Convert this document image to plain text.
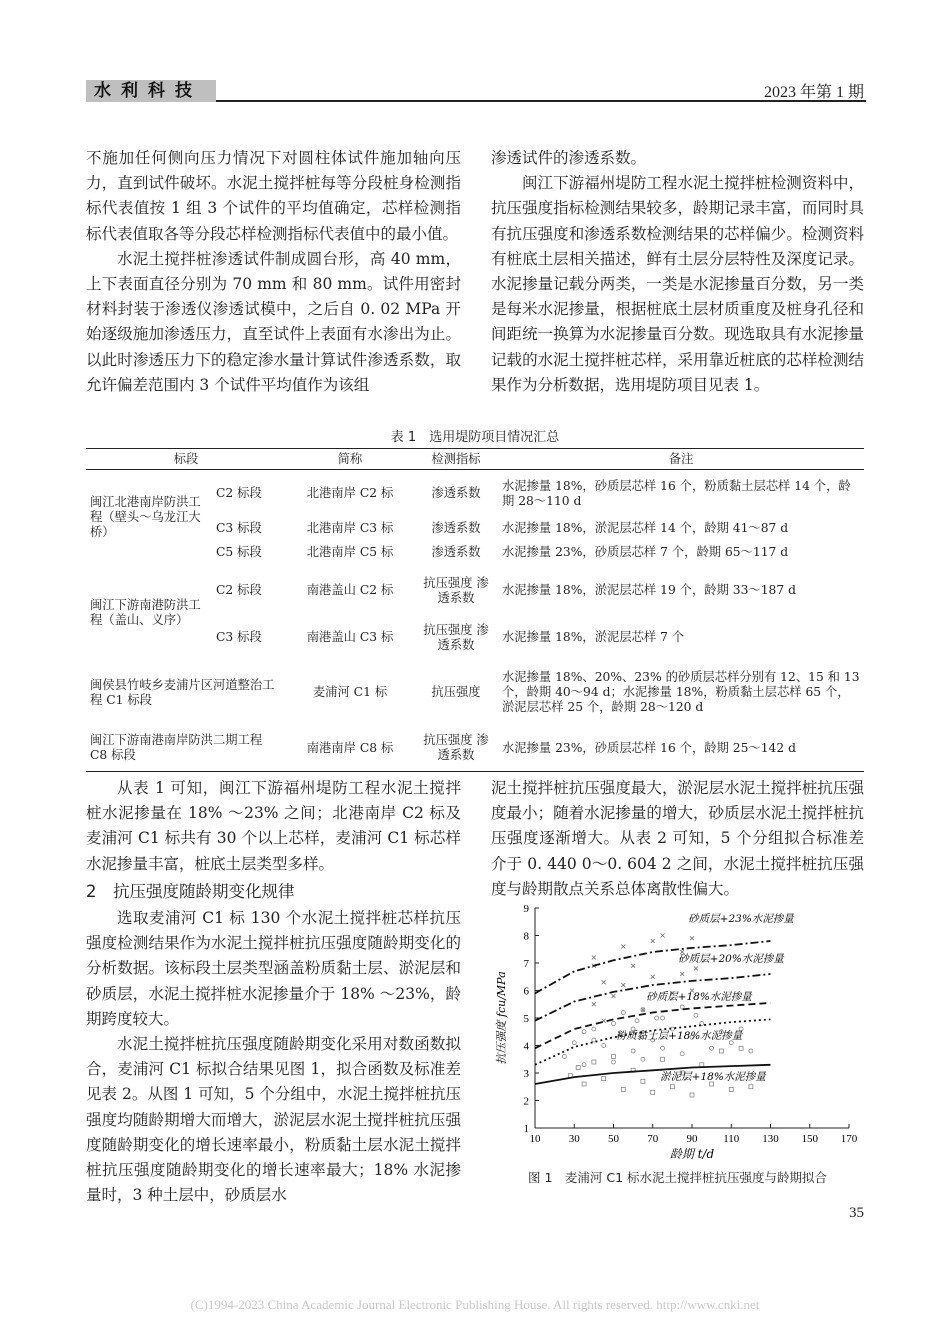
水利科技	2023 年第 1 期

不施加任何侧向压力情况下对圆柱体试件施加轴向压力，直到试件破坏。水泥土搅拌桩每等分段桩身检测指标代表值按 1 组 3 个试件的平均值确定，芯样检测指标代表值取各等分段芯样检测指标代表值中的最小值。

水泥土搅拌桩渗透试件制成圆台形，高 40 mm，上下表面直径分别为 70 mm 和 80 mm。试件用密封材料封装于渗透仪渗透试模中，之后自 0. 02 MPa 开始逐级施加渗透压力，直至试件上表面有水渗出为止。以此时渗透压力下的稳定渗水量计算试件渗透系数，取允许偏差范围内 3 个试件平均值作为该组

渗透试件的渗透系数。

闽江下游福州堤防工程水泥土搅拌桩检测资料中，抗压强度指标检测结果较多，龄期记录丰富，而同时具有抗压强度和渗透系数检测结果的芯样偏少。检测资料有桩底土层相关描述，鲜有土层分层特性及深度记录。水泥掺量记载分两类，一类是水泥掺量百分数，另一类是每米水泥掺量，根据桩底土层材质重度及桩身孔径和间距统一换算为水泥掺量百分数。现选取具有水泥掺量记载的水泥土搅拌桩芯样，采用靠近桩底的芯样检测结果作为分析数据，选用堤防项目见表 1。

表 1　选用堤防项目情况汇总
标段		简称	检测指标	备注
闽江北港南岸防洪工程（壁头～乌龙江大桥）	C2 标段	北港南岸 C2 标	渗透系数	水泥掺量 18%，砂质层芯样 16 个，粉质黏土层芯样 14 个，龄期 28～110 d
	C3 标段	北港南岸 C3 标	渗透系数	水泥掺量 18%，淤泥层芯样 14 个，龄期 41～87 d
	C5 标段	北港南岸 C5 标	渗透系数	水泥掺量 23%，砂质层芯样 7 个，龄期 65～117 d
闽江下游南港防洪工程（盖山、义序）	C2 标段	南港盖山 C2 标	抗压强度 渗透系数	水泥掺量 18%，淤泥层芯样 19 个，龄期 33～187 d
	C3 标段	南港盖山 C3 标	抗压强度 渗透系数	水泥掺量 18%，淤泥层芯样 7 个
闽侯县竹岐乡麦浦片区河道整治工程 C1 标段		麦浦河 C1 标	抗压强度	水泥掺量 18%、20%、23% 的砂质层芯样分别有 12、15 和 13 个，龄期 40～94 d；水泥掺量 18%，粉质黏土层芯样 65 个，淤泥层芯样 25 个，龄期 28～120 d
闽江下游南港南岸防洪二期工程 C8 标段		南港南岸 C8 标	抗压强度 渗透系数	水泥掺量 23%，砂质层芯样 16 个，龄期 25～142 d

从表 1 可知，闽江下游福州堤防工程水泥土搅拌桩水泥掺量在 18% ～23% 之间；北港南岸 C2 标及麦浦河 C1 标共有 30 个以上芯样，麦浦河 C1 标芯样水泥掺量丰富，桩底土层类型多样。

2　抗压强度随龄期变化规律

选取麦浦河 C1 标 130 个水泥土搅拌桩芯样抗压强度检测结果作为水泥土搅拌桩抗压强度随龄期变化的分析数据。该标段土层类型涵盖粉质黏土层、淤泥层和砂质层，水泥土搅拌桩水泥掺量介于 18% ～23%，龄期跨度较大。

水泥土搅拌桩抗压强度随龄期变化采用对数函数拟合，麦浦河 C1 标拟合结果见图 1，拟合函数及标准差见表 2。从图 1 可知，5 个分组中，水泥土搅拌桩抗压强度均随龄期增大而增大，淤泥层水泥土搅拌桩抗压强度随龄期变化的增长速率最小，粉质黏土层水泥土搅拌桩抗压强度随龄期变化的增长速率最大；18% 水泥掺量时，3 种土层中，砂质层水

泥土搅拌桩抗压强度最大，淤泥层水泥土搅拌桩抗压强度最小；随着水泥掺量的增大，砂质层水泥土搅拌桩抗压强度逐渐增大。从表 2 可知，5 个分组拟合标准差介于 0. 440 0～0. 604 2 之间，水泥土搅拌桩抗压强度与龄期散点关系总体离散性偏大。

10	30	50	70	90 110 130 150 170
1
2
3
4
5
6
7
8
9
龄期 t/d
抗压强度 fcu/MPa
砂质层+23%水泥掺量
砂质层+20%水泥掺量
砂质层+18%水泥掺量
粉质黏土层+18%水泥掺量
淤泥层+18%水泥掺量
图 1　麦浦河 C1 标水泥土搅拌桩抗压强度与龄期拟合
35
(C)1994-2023 China Academic Journal Electronic Publishing House. All rights reserved. http://www.cnki.net
